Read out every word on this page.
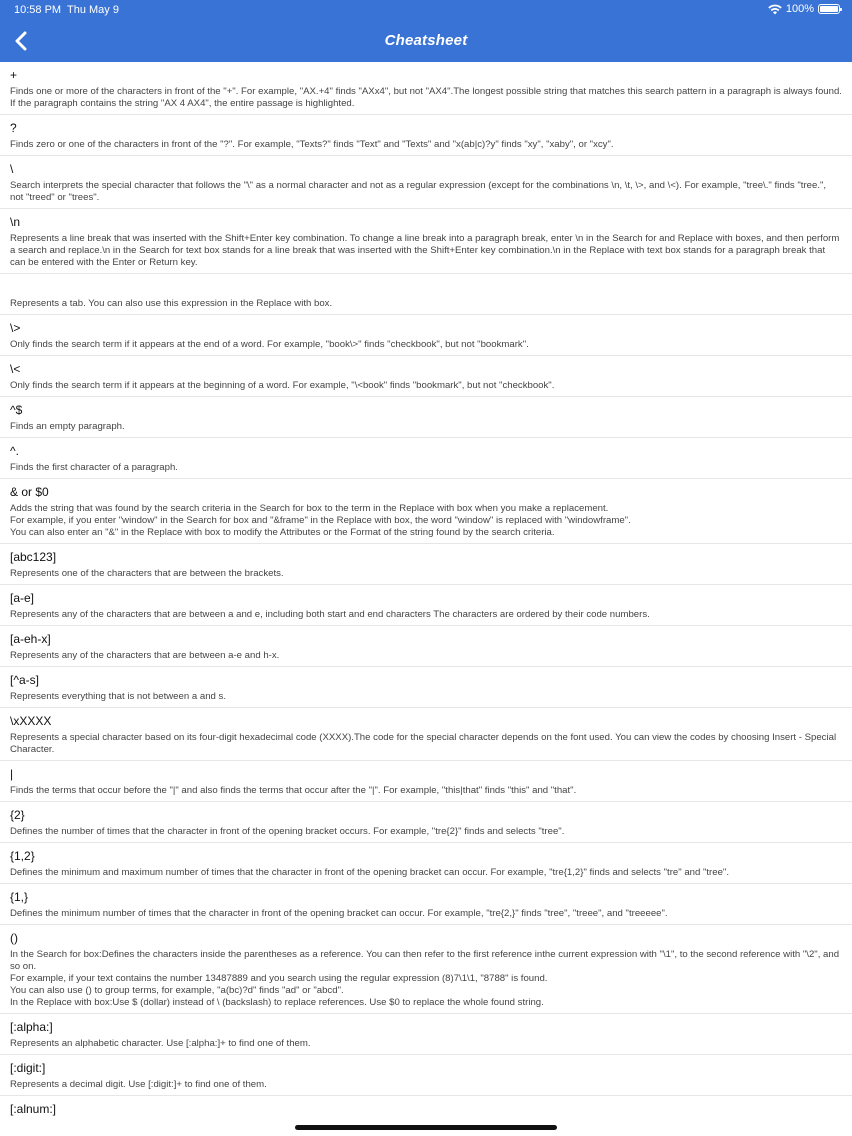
10:58 PM Thu May 9	100%
Cheatsheet
+
Finds one or more of the characters in front of the "+". For example, "AX.+4" finds "AXx4", but not "AX4".The longest possible string that matches this search pattern in a paragraph is always found. If the paragraph contains the string "AX 4 AX4", the entire passage is highlighted.
?
Finds zero or one of the characters in front of the "?". For example, "Texts?" finds "Text" and "Texts" and "x(ab|c)?y" finds "xy", "xaby", or "xcy".
\
Search interprets the special character that follows the "\" as a normal character and not as a regular expression (except for the combinations \n, \t, \>, and \<). For example, "tree\." finds "tree.", not "treed" or "trees".
\n
Represents a line break that was inserted with the Shift+Enter key combination. To change a line break into a paragraph break, enter \n in the Search for and Replace with boxes, and then perform a search and replace.\n in the Search for text box stands for a line break that was inserted with the Shift+Enter key combination.\n in the Replace with text box stands for a paragraph break that can be entered with the Enter or Return key.
Represents a tab. You can also use this expression in the Replace with box.
\>
Only finds the search term if it appears at the end of a word. For example, "book\>" finds "checkbook", but not "bookmark".
\<
Only finds the search term if it appears at the beginning of a word. For example, "\<book" finds "bookmark", but not "checkbook".
^$
Finds an empty paragraph.
^.
Finds the first character of a paragraph.
& or $0
Adds the string that was found by the search criteria in the Search for box to the term in the Replace with box when you make a replacement.
For example, if you enter "window" in the Search for box and "&frame" in the Replace with box, the word "window" is replaced with "windowframe".
You can also enter an "&" in the Replace with box to modify the Attributes or the Format of the string found by the search criteria.
[abc123]
Represents one of the characters that are between the brackets.
[a-e]
Represents any of the characters that are between a and e, including both start and end characters The characters are ordered by their code numbers.
[a-eh-x]
Represents any of the characters that are between a-e and h-x.
[^a-s]
Represents everything that is not between a and s.
\xXXXX
Represents a special character based on its four-digit hexadecimal code (XXXX).The code for the special character depends on the font used. You can view the codes by choosing Insert - Special Character.
|
Finds the terms that occur before the "|" and also finds the terms that occur after the "|". For example, "this|that" finds "this" and "that".
{2}
Defines the number of times that the character in front of the opening bracket occurs. For example, "tre{2}" finds and selects "tree".
{1,2}
Defines the minimum and maximum number of times that the character in front of the opening bracket can occur. For example, "tre{1,2}" finds and selects "tre" and "tree".
{1,}
Defines the minimum number of times that the character in front of the opening bracket can occur. For example, "tre{2,}" finds "tree", "treee", and "treeeee".
()
In the Search for box:Defines the characters inside the parentheses as a reference. You can then refer to the first reference inthe current expression with "\1", to the second reference with "\2", and so on.
For example, if your text contains the number 13487889 and you search using the regular expression (8)7\1\1, "8788" is found.
You can also use () to group terms, for example, "a(bc)?d" finds "ad" or "abcd".
In the Replace with box:Use $ (dollar) instead of \ (backslash) to replace references. Use $0 to replace the whole found string.
[:alpha:]
Represents an alphabetic character. Use [:alpha:]+ to find one of them.
[:digit:]
Represents a decimal digit. Use [:digit:]+ to find one of them.
[:alnum:]
